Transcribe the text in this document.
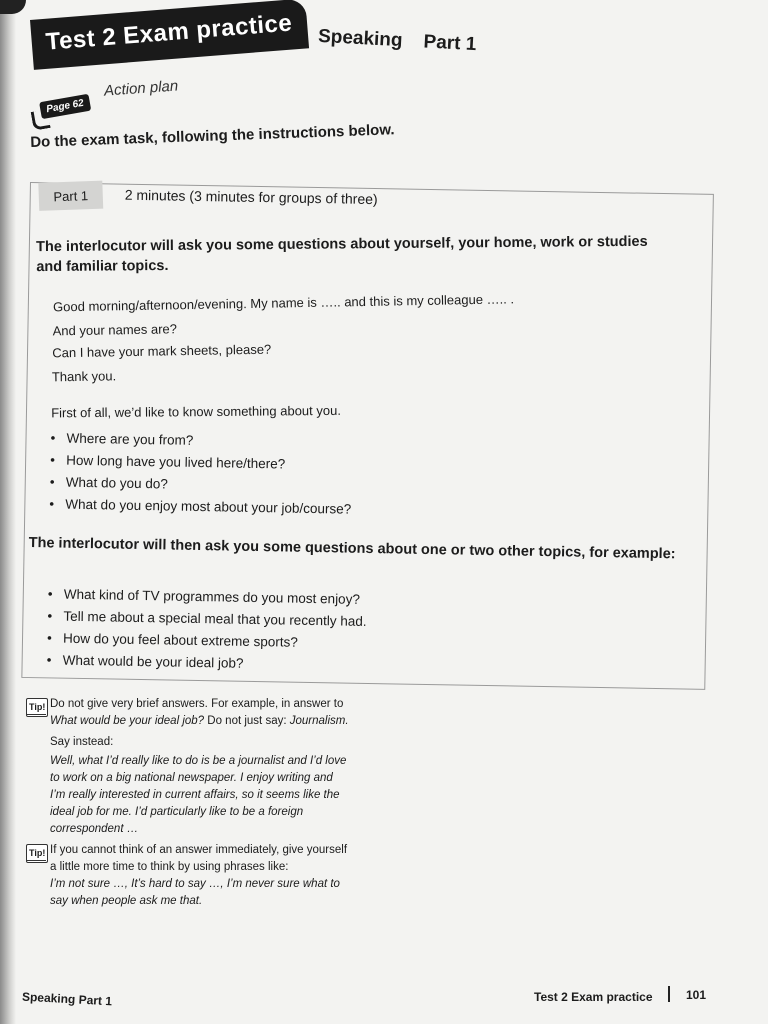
Test 2 Exam practice Speaking Part 1
Page 62
Action plan
Do the exam task, following the instructions below.
Part 1	2 minutes (3 minutes for groups of three)
The interlocutor will ask you some questions about yourself, your home, work or studies and familiar topics.
Good morning/afternoon/evening. My name is ….. and this is my colleague ….. .
And your names are?
Can I have your mark sheets, please?
Thank you.
First of all, we’d like to know something about you.
• Where are you from?
• How long have you lived here/there?
• What do you do?
• What do you enjoy most about your job/course?
The interlocutor will then ask you some questions about one or two other topics, for example:
• What kind of TV programmes do you most enjoy?
• Tell me about a special meal that you recently had.
• How do you feel about extreme sports?
• What would be your ideal job?
Tip! Do not give very brief answers. For example, in answer to

What would be your ideal job? Do not just say: Journalism.

Say instead:

Well, what I’d really like to do is be a journalist and I’d love to work on a big national newspaper. I enjoy writing and I’m really interested in current affairs, so it seems like the ideal job for me. I’d particularly like to be a foreign correspondent …

Tip! If you cannot think of an answer immediately, give yourself a little more time to think by using phrases like:

I’m not sure …, It’s hard to say …, I’m never sure what to say when people ask me that.

Speaking Part 1	Test 2 Exam practice	101
